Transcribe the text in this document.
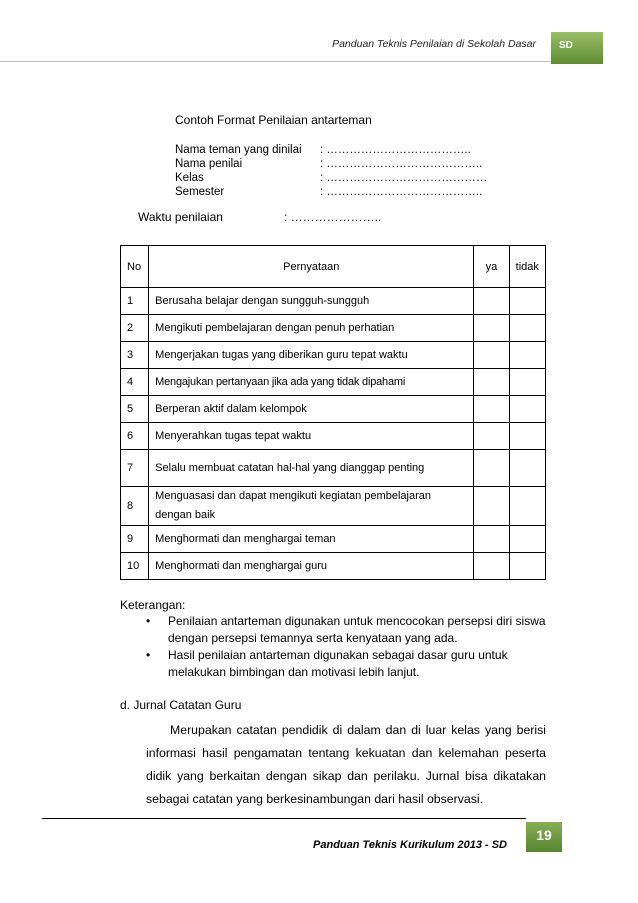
Panduan Teknis Penilaian di Sekolah Dasar	SD
Contoh Format Penilaian antarteman
Nama teman yang dinilai : ………………………………..
Nama penilai	: …………………………………..
Kelas	: ……………………………………
Semester	: …………………………………..
Waktu penilaian	: …………………..
No	Pernyataan	ya	tidak
1	Berusaha belajar dengan sungguh-sungguh		
2	Mengikuti pembelajaran dengan penuh perhatian		
3	Mengerjakan tugas yang diberikan guru tepat waktu		
4	Mengajukan pertanyaan jika ada yang tidak dipahami		
5	Berperan aktif dalam kelompok		
6	Menyerahkan tugas tepat waktu		
7	Selalu membuat catatan hal-hal yang dianggap penting		
8	Menguasasi dan dapat mengikuti kegiatan pembelajaran dengan baik		
9	Menghormati dan menghargai teman		
10	Menghormati dan menghargai guru		
Keterangan:
• Penilaian antarteman digunakan untuk mencocokan persepsi diri siswa dengan persepsi temannya serta kenyataan yang ada.
• Hasil penilaian antarteman digunakan sebagai dasar guru untuk melakukan bimbingan dan motivasi lebih lanjut.
d. Jurnal Catatan Guru
Merupakan catatan pendidik di dalam dan di luar kelas yang berisi informasi hasil pengamatan tentang kekuatan dan kelemahan peserta didik yang berkaitan dengan sikap dan perilaku. Jurnal bisa dikatakan sebagai catatan yang berkesinambungan dari hasil observasi.
Panduan Teknis Kurikulum 2013 - SD
19
